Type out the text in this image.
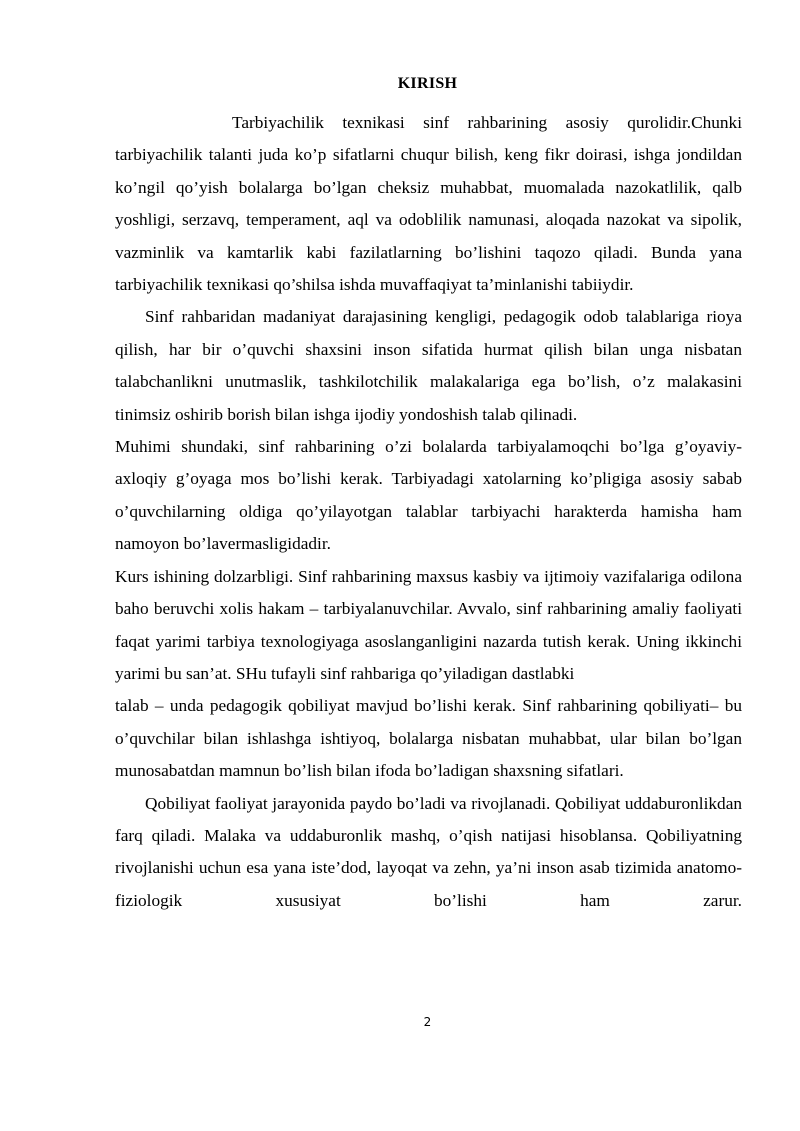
KIRISH

Tarbiyachilik texnikasi sinf rahbarining asosiy qurolidir.Chunki tarbiyachilik talanti juda ko’p sifatlarni chuqur bilish, keng fikr doirasi, ishga jondildan ko’ngil qo’yish bolalarga bo’lgan cheksiz muhabbat, muomalada nazokatlilik, qalb yoshligi, serzavq, temperament, aql va odoblilik namunasi, aloqada nazokat va sipolik, vazminlik va kamtarlik kabi fazilatlarning bo’lishini taqozo qiladi. Bunda yana tarbiyachilik texnikasi qo’shilsa ishda muvaffaqiyat ta’minlanishi tabiiydir.

Sinf rahbaridan madaniyat darajasining kengligi, pedagogik odob talablariga rioya qilish, har bir o’quvchi shaxsini inson sifatida hurmat qilish bilan unga nisbatan talabchanlikni unutmaslik, tashkilotchilik malakalariga ega bo’lish, o’z malakasini tinimsiz oshirib borish bilan ishga ijodiy yondoshish talab qilinadi.

Muhimi shundaki, sinf rahbarining o’zi bolalarda tarbiyalamoqchi bo’lga g’oyaviy-axloqiy g’oyaga mos bo’lishi kerak. Tarbiyadagi xatolarning ko’pligiga asosiy sabab o’quvchilarning oldiga qo’yilayotgan talablar tarbiyachi harakterda hamisha ham namoyon bo’lavermasligidadir.

Kurs ishining dolzarbligi. Sinf rahbarining maxsus kasbiy va ijtimoiy vazifalariga odilona baho beruvchi xolis hakam – tarbiyalanuvchilar. Avvalo, sinf rahbarining amaliy faoliyati faqat yarimi tarbiya texnologiyaga asoslanganligini nazarda tutish kerak. Uning ikkinchi yarimi bu san’at. SHu tufayli sinf rahbariga qo’yiladigan dastlabki

talab – unda pedagogik qobiliyat mavjud bo’lishi kerak. Sinf rahbarining qobiliyati– bu o’quvchilar bilan ishlashga ishtiyoq, bolalarga nisbatan muhabbat, ular bilan bo’lgan munosabatdan mamnun bo’lish bilan ifoda bo’ladigan shaxsning sifatlari.

Qobiliyat faoliyat jarayonida paydo bo’ladi va rivojlanadi. Qobiliyat uddaburonlikdan farq qiladi. Malaka va uddaburonlik mashq, o’qish natijasi hisoblansa. Qobiliyatning rivojlanishi uchun esa yana iste’dod, layoqat va zehn, ya’ni inson asab tizimida anatomo-fiziologik xususiyat bo’lishi ham zarur.

2
